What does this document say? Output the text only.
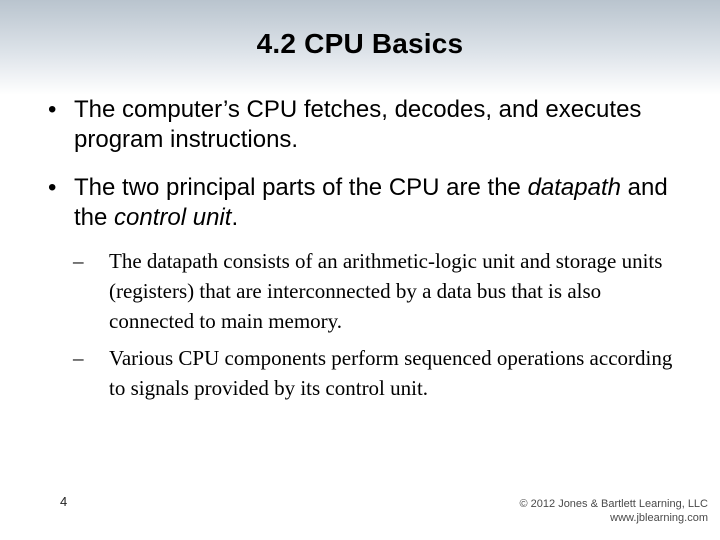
4.2 CPU Basics
• The computer’s CPU fetches, decodes, and executes program instructions.
• The two principal parts of the CPU are the datapath and the control unit.
– The datapath consists of an arithmetic-logic unit and storage units (registers) that are interconnected by a data bus that is also connected to main memory.
– Various CPU components perform sequenced operations according to signals provided by its control unit.
4	© 2012 Jones & Bartlett Learning, LLC
www.jblearning.com
